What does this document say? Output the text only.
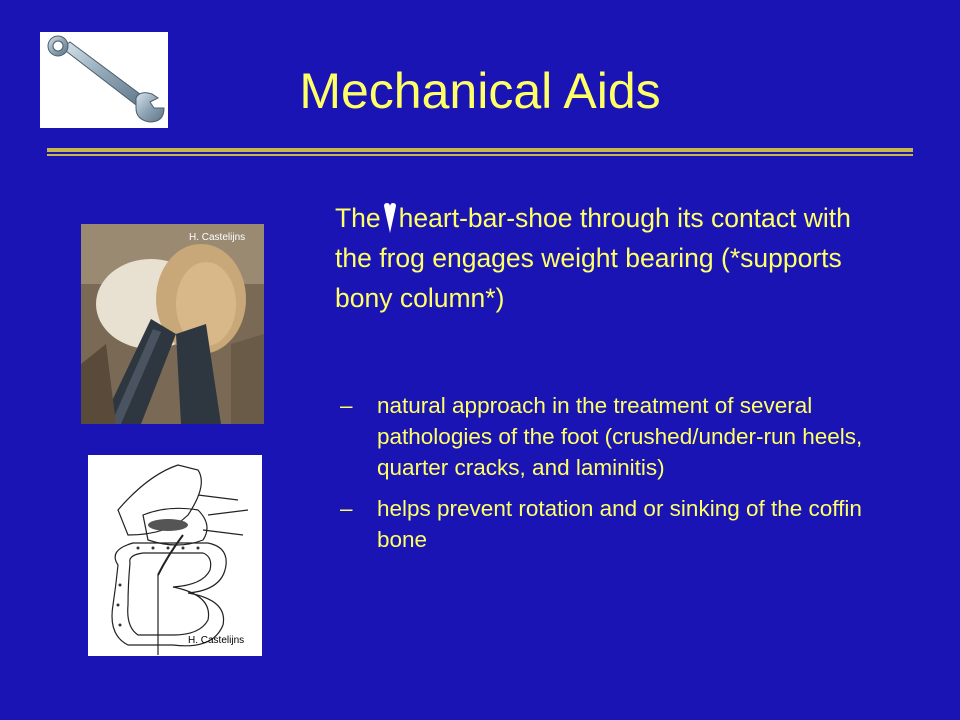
Mechanical Aids
H. Castelijns
H. Castelijns
The heart-bar-shoe through its contact with the frog engages weight bearing (*supports bony column*)
– natural approach in the treatment of several pathologies of the foot (crushed/under-run heels, quarter cracks, and laminitis)
– helps prevent rotation and or sinking of the coffin bone
